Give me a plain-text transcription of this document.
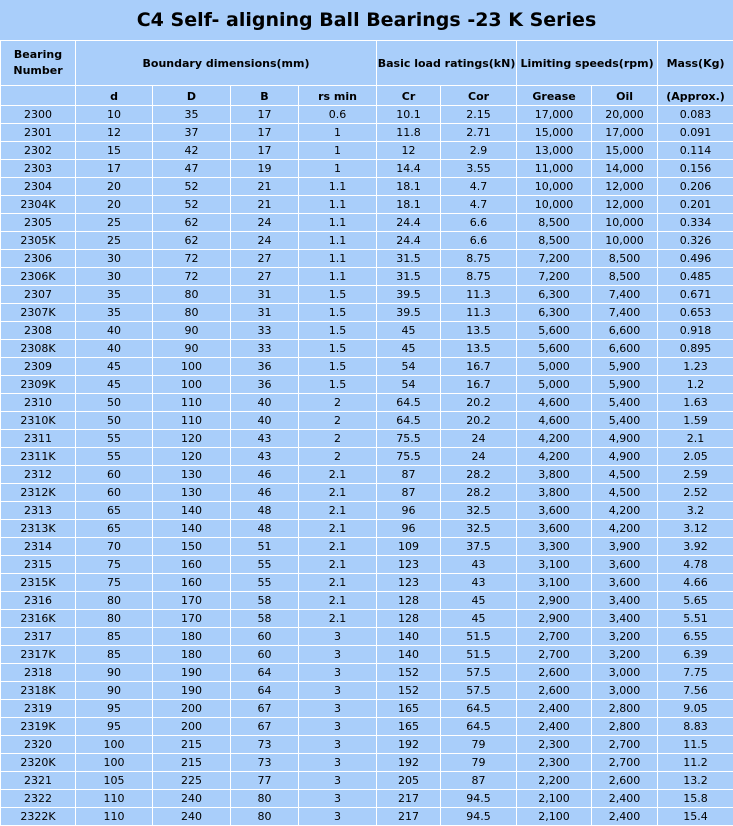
C4 Self- aligning Ball Bearings -23 K Series
Bearing Number	Boundary dimensions(mm)				Basic load ratings(kN)		Limiting speeds(rpm)		Mass(Kg)
	d	D	B	rs min	Cr	Cor	Grease	Oil	(Approx.)
2300	10	35	17	0.6	10.1	2.15	17,000	20,000	0.083
2301	12	37	17	1	11.8	2.71	15,000	17,000	0.091
2302	15	42	17	1	12	2.9	13,000	15,000	0.114
2303	17	47	19	1	14.4	3.55	11,000	14,000	0.156
2304	20	52	21	1.1	18.1	4.7	10,000	12,000	0.206
2304K	20	52	21	1.1	18.1	4.7	10,000	12,000	0.201
2305	25	62	24	1.1	24.4	6.6	8,500	10,000	0.334
2305K	25	62	24	1.1	24.4	6.6	8,500	10,000	0.326
2306	30	72	27	1.1	31.5	8.75	7,200	8,500	0.496
2306K	30	72	27	1.1	31.5	8.75	7,200	8,500	0.485
2307	35	80	31	1.5	39.5	11.3	6,300	7,400	0.671
2307K	35	80	31	1.5	39.5	11.3	6,300	7,400	0.653
2308	40	90	33	1.5	45	13.5	5,600	6,600	0.918
2308K	40	90	33	1.5	45	13.5	5,600	6,600	0.895
2309	45	100	36	1.5	54	16.7	5,000	5,900	1.23
2309K	45	100	36	1.5	54	16.7	5,000	5,900	1.2
2310	50	110	40	2	64.5	20.2	4,600	5,400	1.63
2310K	50	110	40	2	64.5	20.2	4,600	5,400	1.59
2311	55	120	43	2	75.5	24	4,200	4,900	2.1
2311K	55	120	43	2	75.5	24	4,200	4,900	2.05
2312	60	130	46	2.1	87	28.2	3,800	4,500	2.59
2312K	60	130	46	2.1	87	28.2	3,800	4,500	2.52
2313	65	140	48	2.1	96	32.5	3,600	4,200	3.2
2313K	65	140	48	2.1	96	32.5	3,600	4,200	3.12
2314	70	150	51	2.1	109	37.5	3,300	3,900	3.92
2315	75	160	55	2.1	123	43	3,100	3,600	4.78
2315K	75	160	55	2.1	123	43	3,100	3,600	4.66
2316	80	170	58	2.1	128	45	2,900	3,400	5.65
2316K	80	170	58	2.1	128	45	2,900	3,400	5.51
2317	85	180	60	3	140	51.5	2,700	3,200	6.55
2317K	85	180	60	3	140	51.5	2,700	3,200	6.39
2318	90	190	64	3	152	57.5	2,600	3,000	7.75
2318K	90	190	64	3	152	57.5	2,600	3,000	7.56
2319	95	200	67	3	165	64.5	2,400	2,800	9.05
2319K	95	200	67	3	165	64.5	2,400	2,800	8.83
2320	100	215	73	3	192	79	2,300	2,700	11.5
2320K	100	215	73	3	192	79	2,300	2,700	11.2
2321	105	225	77	3	205	87	2,200	2,600	13.2
2322	110	240	80	3	217	94.5	2,100	2,400	15.8
2322K	110	240	80	3	217	94.5	2,100	2,400	15.4
